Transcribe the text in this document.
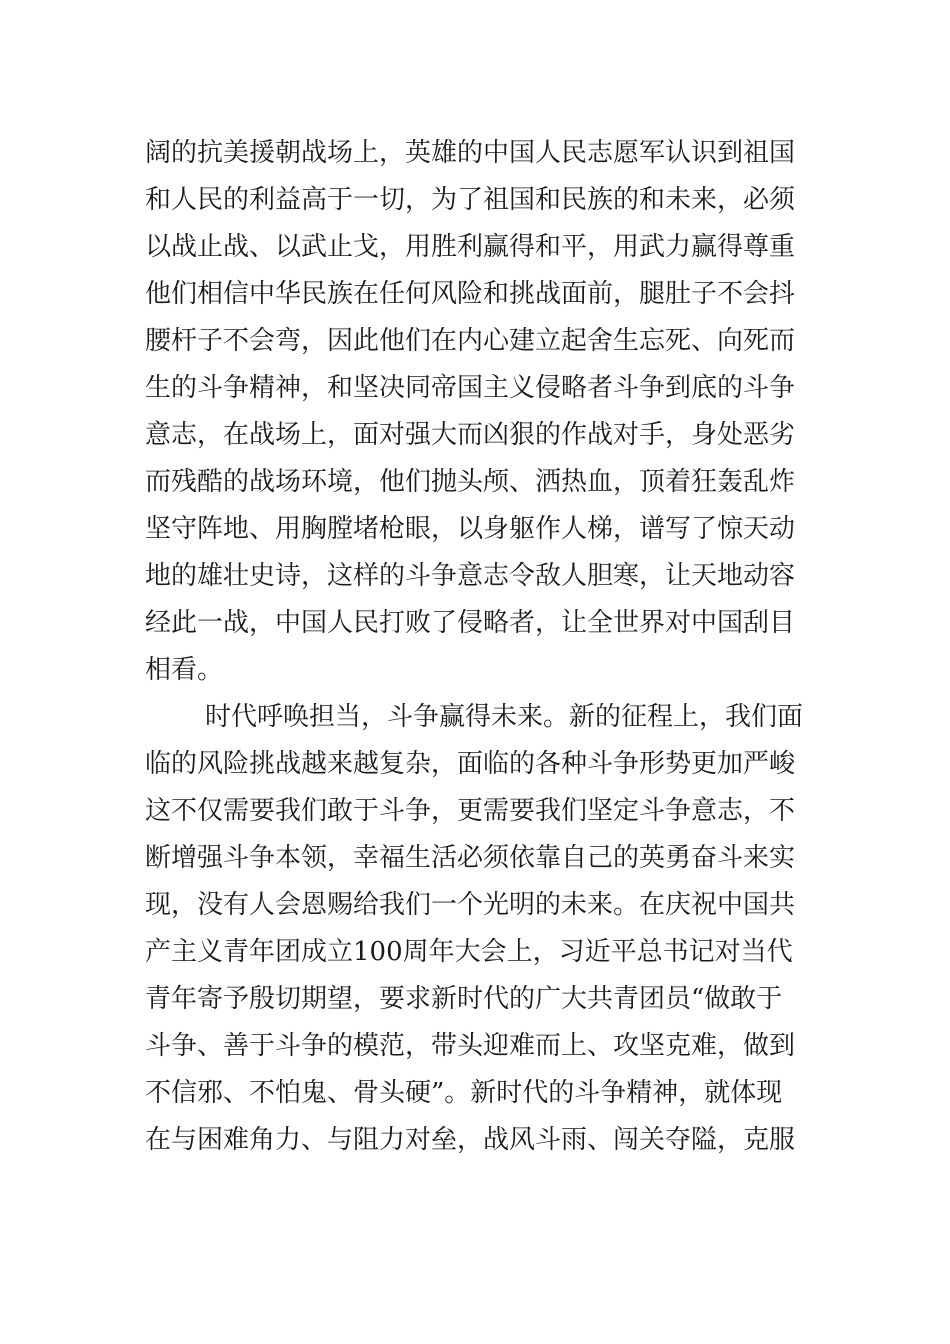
阔的抗美援朝战场上，英雄的中国人民志愿军认识到祖国
和人民的利益高于一切，为了祖国和民族的和未来，必须
以战止战、以武止戈，用胜利赢得和平，用武力赢得尊重
他们相信中华民族在任何风险和挑战面前，腿肚子不会抖
腰杆子不会弯，因此他们在内心建立起舍生忘死、向死而
生的斗争精神，和坚决同帝国主义侵略者斗争到底的斗争
意志，在战场上，面对强大而凶狠的作战对手，身处恶劣
而残酷的战场环境，他们抛头颅、洒热血，顶着狂轰乱炸
坚守阵地、用胸膛堵枪眼，以身躯作人梯，谱写了惊天动
地的雄壮史诗，这样的斗争意志令敌人胆寒，让天地动容
经此一战，中国人民打败了侵略者，让全世界对中国刮目
相看。
时代呼唤担当，斗争赢得未来。新的征程上，我们面
临的风险挑战越来越复杂，面临的各种斗争形势更加严峻
这不仅需要我们敢于斗争，更需要我们坚定斗争意志，不
断增强斗争本领，幸福生活必须依靠自己的英勇奋斗来实
现，没有人会恩赐给我们一个光明的未来。在庆祝中国共
产主义青年团成立100周年大会上，习近平总书记对当代
青年寄予殷切期望，要求新时代的广大共青团员“做敢于
斗争、善于斗争的模范，带头迎难而上、攻坚克难，做到
不信邪、不怕鬼、骨头硬”。新时代的斗争精神，就体现
在与困难角力、与阻力对垒，战风斗雨、闯关夺隘，克服
